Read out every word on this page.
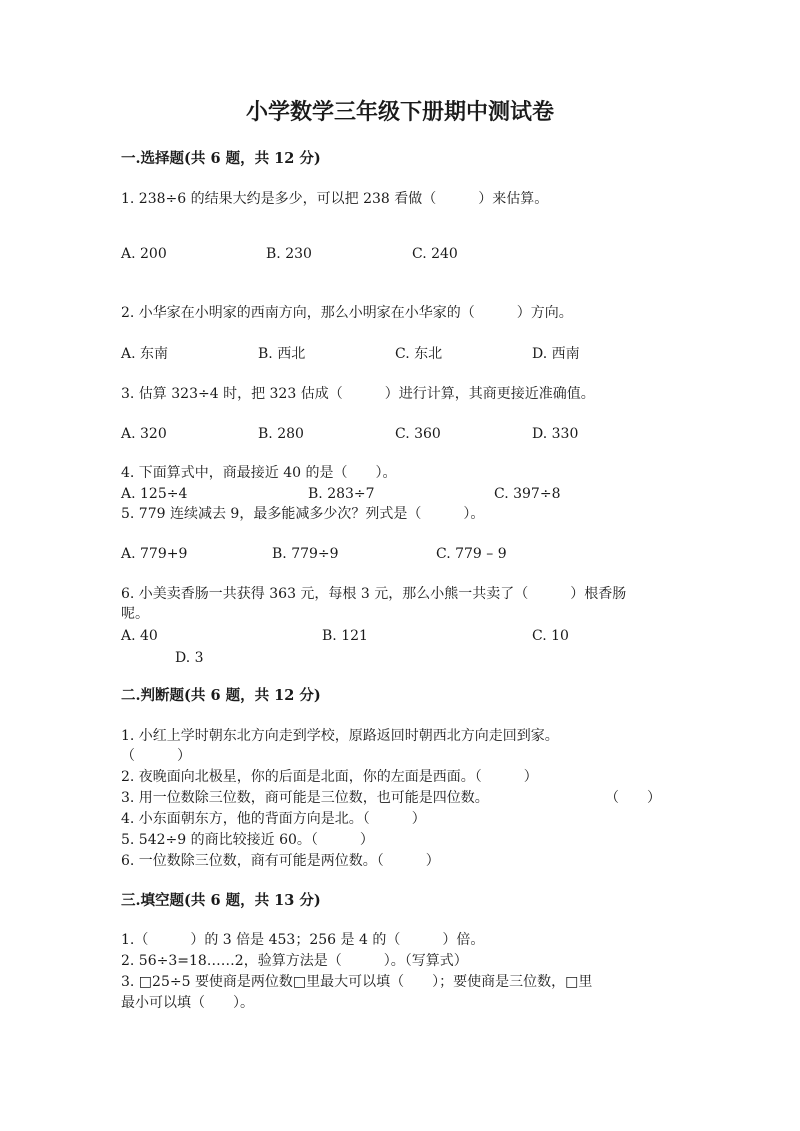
小学数学三年级下册期中测试卷

一.选择题(共 6 题，共 12 分)

1. 238÷6 的结果大约是多少，可以把 238 看做（　　　）来估算。

A. 200	B. 230	C. 240

2. 小华家在小明家的西南方向，那么小明家在小华家的（　　　）方向。

A. 东南	B. 西北	C. 东北	D. 西南

3. 估算 323÷4 时，把 323 估成（　　　）进行计算，其商更接近准确值。

A. 320	B. 280	C. 360	D. 330

4. 下面算式中，商最接近 40 的是（　　）。

A. 125÷4	B. 283÷7	C. 397÷8

5. 779 连续减去 9，最多能减多少次？列式是（　　　）。

A. 779+9	B. 779÷9	C. 779 – 9

6. 小美卖香肠一共获得 363 元，每根 3 元，那么小熊一共卖了（　　　）根香肠

呢。

A. 40	B. 121	C. 10

D. 3

二.判断题(共 6 题，共 12 分)

1. 小红上学时朝东北方向走到学校，原路返回时朝西北方向走回到家。

（　　　）

2. 夜晚面向北极星，你的后面是北面，你的左面是西面。（　　　）

3. 用一位数除三位数，商可能是三位数，也可能是四位数。	（　　）

4. 小东面朝东方，他的背面方向是北。（　　　）

5. 542÷9 的商比较接近 60。（　　　）

6. 一位数除三位数，商有可能是两位数。（　　　）

三.填空题(共 6 题，共 13 分)

1.（　　　）的 3 倍是 453；256 是 4 的（　　　）倍。

2. 56÷3=18……2，验算方法是（　　　）。（写算式）

3. □25÷5 要使商是两位数□里最大可以填（　　）；要使商是三位数，□里

最小可以填（　　）。
